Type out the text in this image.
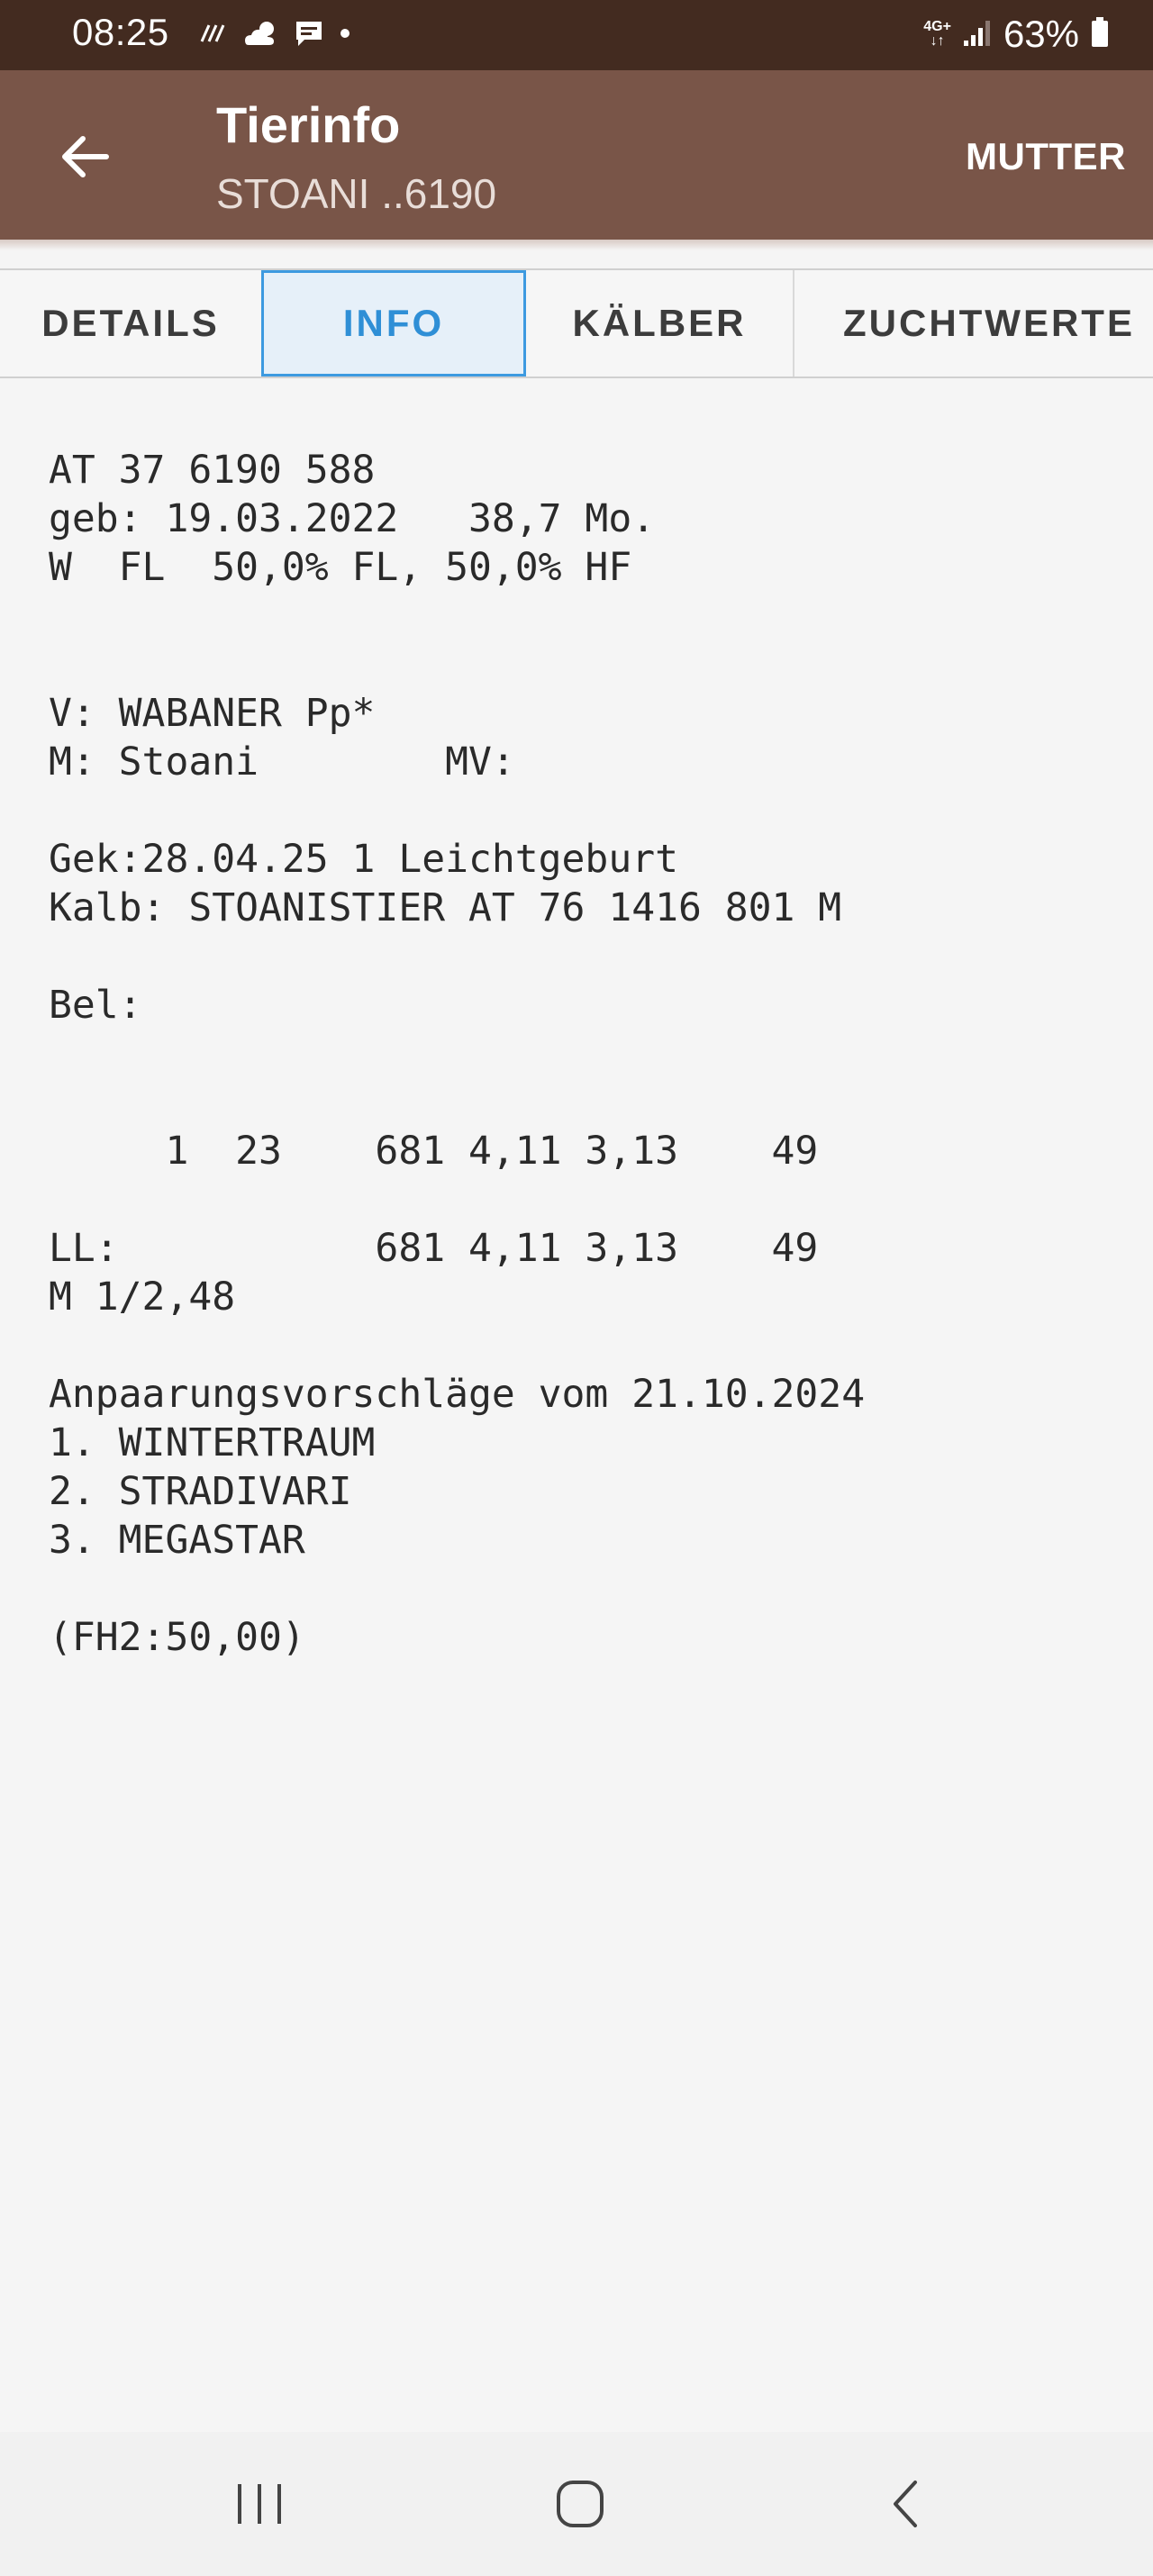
08:25	4G+
↓↑ 63%
Tierinfo
STOANI ..6190
MUTTER
DETAILS	INFO	KÄLBER	ZUCHTWERTE
AT 37 6190 588
geb: 19.03.2022   38,7 Mo.
W  FL  50,0% FL, 50,0% HF
V: WABANER Pp*
M: Stoani        MV:
Gek:28.04.25 1 Leichtgeburt
Kalb: STOANISTIER AT 76 1416 801 M
Bel:
1  23    681 4,11 3,13    49
LL:           681 4,11 3,13    49
M 1/2,48
Anpaarungsvorschläge vom 21.10.2024
1. WINTERTRAUM
2. STRADIVARI
3. MEGASTAR
(FH2:50,00)
